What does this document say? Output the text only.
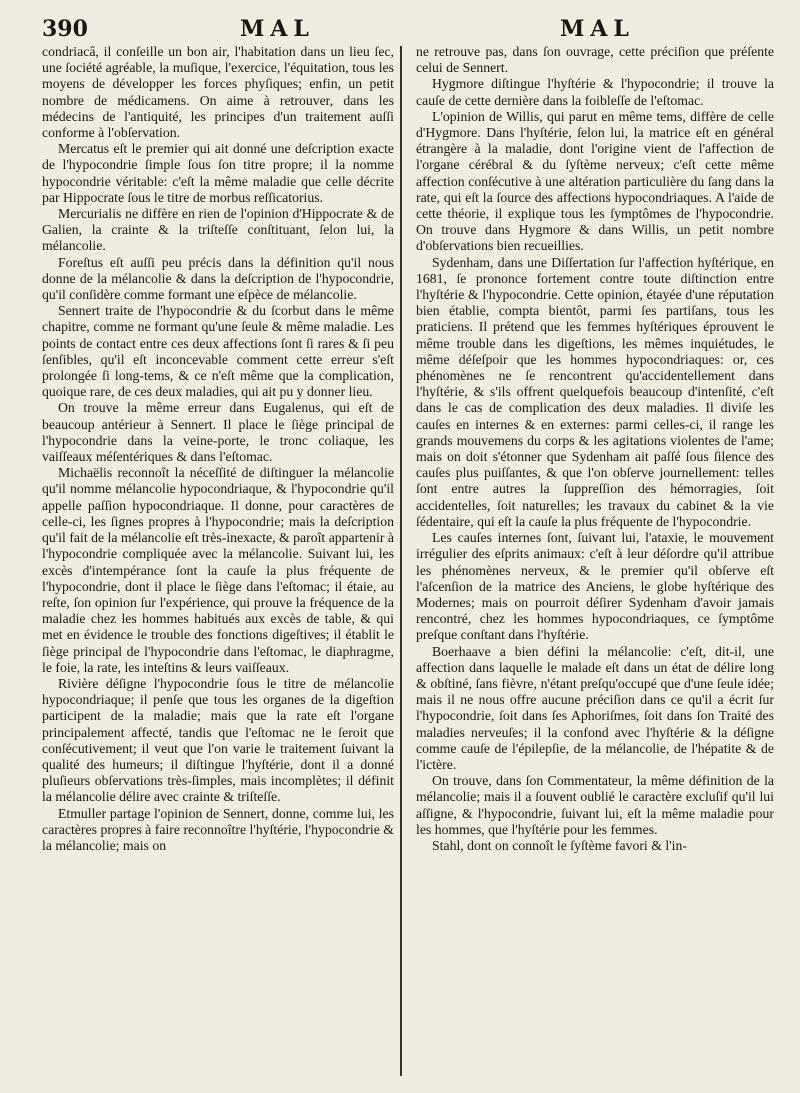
390	MAL	MAL

condriacâ, il conſeille un bon air, l'habitation dans un lieu ſec, une ſociété agréable, la muſique, l'exercice, l'équitation, tous les moyens de développer les forces phyſiques; enfin, un petit nombre de médicamens. On aime à retrouver, dans les médecins de l'antiquité, les principes d'un traitement auſſi conforme à l'obſervation.

Mercatus eſt le premier qui ait donné une deſcription exacte de l'hypocondrie ſimple ſous ſon titre propre; il la nomme hypocondrie véritable: c'eſt la même maladie que celle décrite par Hippocrate ſous le titre de morbus reſſicatorius.

Mercurialis ne diffère en rien de l'opinion d'Hippocrate & de Galien, la crainte & la triſteſſe conſtituant, ſelon lui, la mélancolie.

Foreſtus eſt auſſi peu précis dans la définition qu'il nous donne de la mélancolie & dans la deſcription de l'hypocondrie, qu'il conſidère comme formant une eſpèce de mélancolie.

Sennert traite de l'hypocondrie & du ſcorbut dans le même chapitre, comme ne formant qu'une ſeule & même maladie. Les points de contact entre ces deux affections ſont ſi rares & ſi peu ſenſibles, qu'il eſt inconcevable comment cette erreur s'eſt prolongée ſi long-tems, & ce n'eſt même que la complication, quoique rare, de ces deux maladies, qui ait pu y donner lieu.

On trouve la même erreur dans Eugalenus, qui eſt de beaucoup antérieur à Sennert. Il place le ſiège principal de l'hypocondrie dans la veine-porte, le tronc coliaque, les vaiſſeaux méſentériques & dans l'eſtomac.

Michaëlis reconnoît la néceſſité de diſtinguer la mélancolie qu'il nomme mélancolie hypocondriaque, & l'hypocondrie qu'il appelle paſſion hypocondriaque. Il donne, pour caractères de celle-ci, les ſignes propres à l'hypocondrie; mais la deſcription qu'il fait de la mélancolie eſt très-inexacte, & paroît appartenir à l'hypocondrie compliquée avec la mélancolie. Suivant lui, les excès d'intempérance ſont la cauſe la plus fréquente de l'hypocondrie, dont il place le ſiège dans l'eſtomac; il étaie, au reſte, ſon opinion ſur l'expérience, qui prouve la fréquence de la maladie chez les hommes habitués aux excès de table, & qui met en évidence le trouble des fonctions digeſtives; il établit le ſiège principal de l'hypocondrie dans l'eſtomac, le diaphragme, le foie, la rate, les inteſtins & leurs vaiſſeaux.

Rivière déſigne l'hypocondrie ſous le titre de mélancolie hypocondriaque; il penſe que tous les organes de la digeſtion participent de la maladie; mais que la rate eſt l'organe principalement affecté, tandis que l'eſtomac ne le ſeroit que conſécutivement; il veut que l'on varie le traitement ſuivant la qualité des humeurs; il diſtingue l'hyſtérie, dont il a donné pluſieurs obſervations très-ſimples, mais incomplètes; il définit la mélancolie délire avec crainte & triſteſſe.

Etmuller partage l'opinion de Sennert, donne, comme lui, les caractères propres à faire reconnoître l'hyſtérie, l'hypocondrie & la mélancolie; mais on

ne retrouve pas, dans ſon ouvrage, cette préciſion que préſente celui de Sennert.

Hygmore diſtingue l'hyſtérie & l'hypocondrie; il trouve la cauſe de cette dernière dans la foibleſſe de l'eſtomac.

L'opinion de Willis, qui parut en même tems, diffère de celle d'Hygmore. Dans l'hyſtérie, ſelon lui, la matrice eſt en général étrangère à la maladie, dont l'origine vient de l'affection de l'organe cérébral & du ſyſtème nerveux; c'eſt cette même affection conſécutive à une altération particulière du ſang dans la rate, qui eſt la ſource des affections hypocondriaques. A l'aide de cette théorie, il explique tous les ſymptômes de l'hypocondrie. On trouve dans Hygmore & dans Willis, un petit nombre d'obſervations bien recueillies.

Sydenham, dans une Diſſertation ſur l'affection hyſtérique, en 1681, ſe prononce fortement contre toute diſtinction entre l'hyſtérie & l'hypocondrie. Cette opinion, étayée d'une réputation bien établie, compta bientôt, parmi ſes partiſans, tous les praticiens. Il prétend que les femmes hyſtériques éprouvent le même trouble dans les digeſtions, les mêmes inquiétudes, le même déſeſpoir que les hommes hypocondriaques: or, ces phénomènes ne ſe rencontrent qu'accidentellement dans l'hyſtérie, & s'ils offrent quelquefois beaucoup d'intenſité, c'eſt dans le cas de complication des deux maladies. Il diviſe les cauſes en internes & en externes: parmi celles-ci, il range les grands mouvemens du corps & les agitations violentes de l'ame; mais on doit s'étonner que Sydenham ait paſſé ſous ſilence des cauſes plus puiſſantes, & que l'on obſerve journellement: telles ſont entre autres la ſuppreſſion des hémorragies, ſoit accidentelles, ſoit naturelles; les travaux du cabinet & la vie ſédentaire, qui eſt la cauſe la plus fréquente de l'hypocondrie.

Les cauſes internes ſont, ſuivant lui, l'ataxie, le mouvement irrégulier des eſprits animaux: c'eſt à leur déſordre qu'il attribue les phénomènes nerveux, & le premier qu'il obſerve eſt l'aſcenſion de la matrice des Anciens, le globe hyſtérique des Modernes; mais on pourroit déſirer Sydenham d'avoir jamais rencontré, chez les hommes hypocondriaques, ce ſymptôme preſque conſtant dans l'hyſtérie.

Boerhaave a bien défini la mélancolie: c'eſt, dit-il, une affection dans laquelle le malade eſt dans un état de délire long & obſtiné, ſans fièvre, n'étant preſqu'occupé que d'une ſeule idée; mais il ne nous offre aucune préciſion dans ce qu'il a écrit ſur l'hypocondrie, ſoit dans ſes Aphoriſmes, ſoit dans ſon Traité des maladies nerveuſes; il la confond avec l'hyſtérie & la déſigne comme cauſe de l'épilepſie, de la mélancolie, de l'hépatite & de l'ictère.

On trouve, dans ſon Commentateur, la même définition de la mélancolie; mais il a ſouvent oublié le caractère excluſif qu'il lui aſſigne, & l'hypocondrie, ſuivant lui, eſt la même maladie pour les hommes, que l'hyſtérie pour les femmes.

Stahl, dont on connoît le ſyſtème favori & l'in-
